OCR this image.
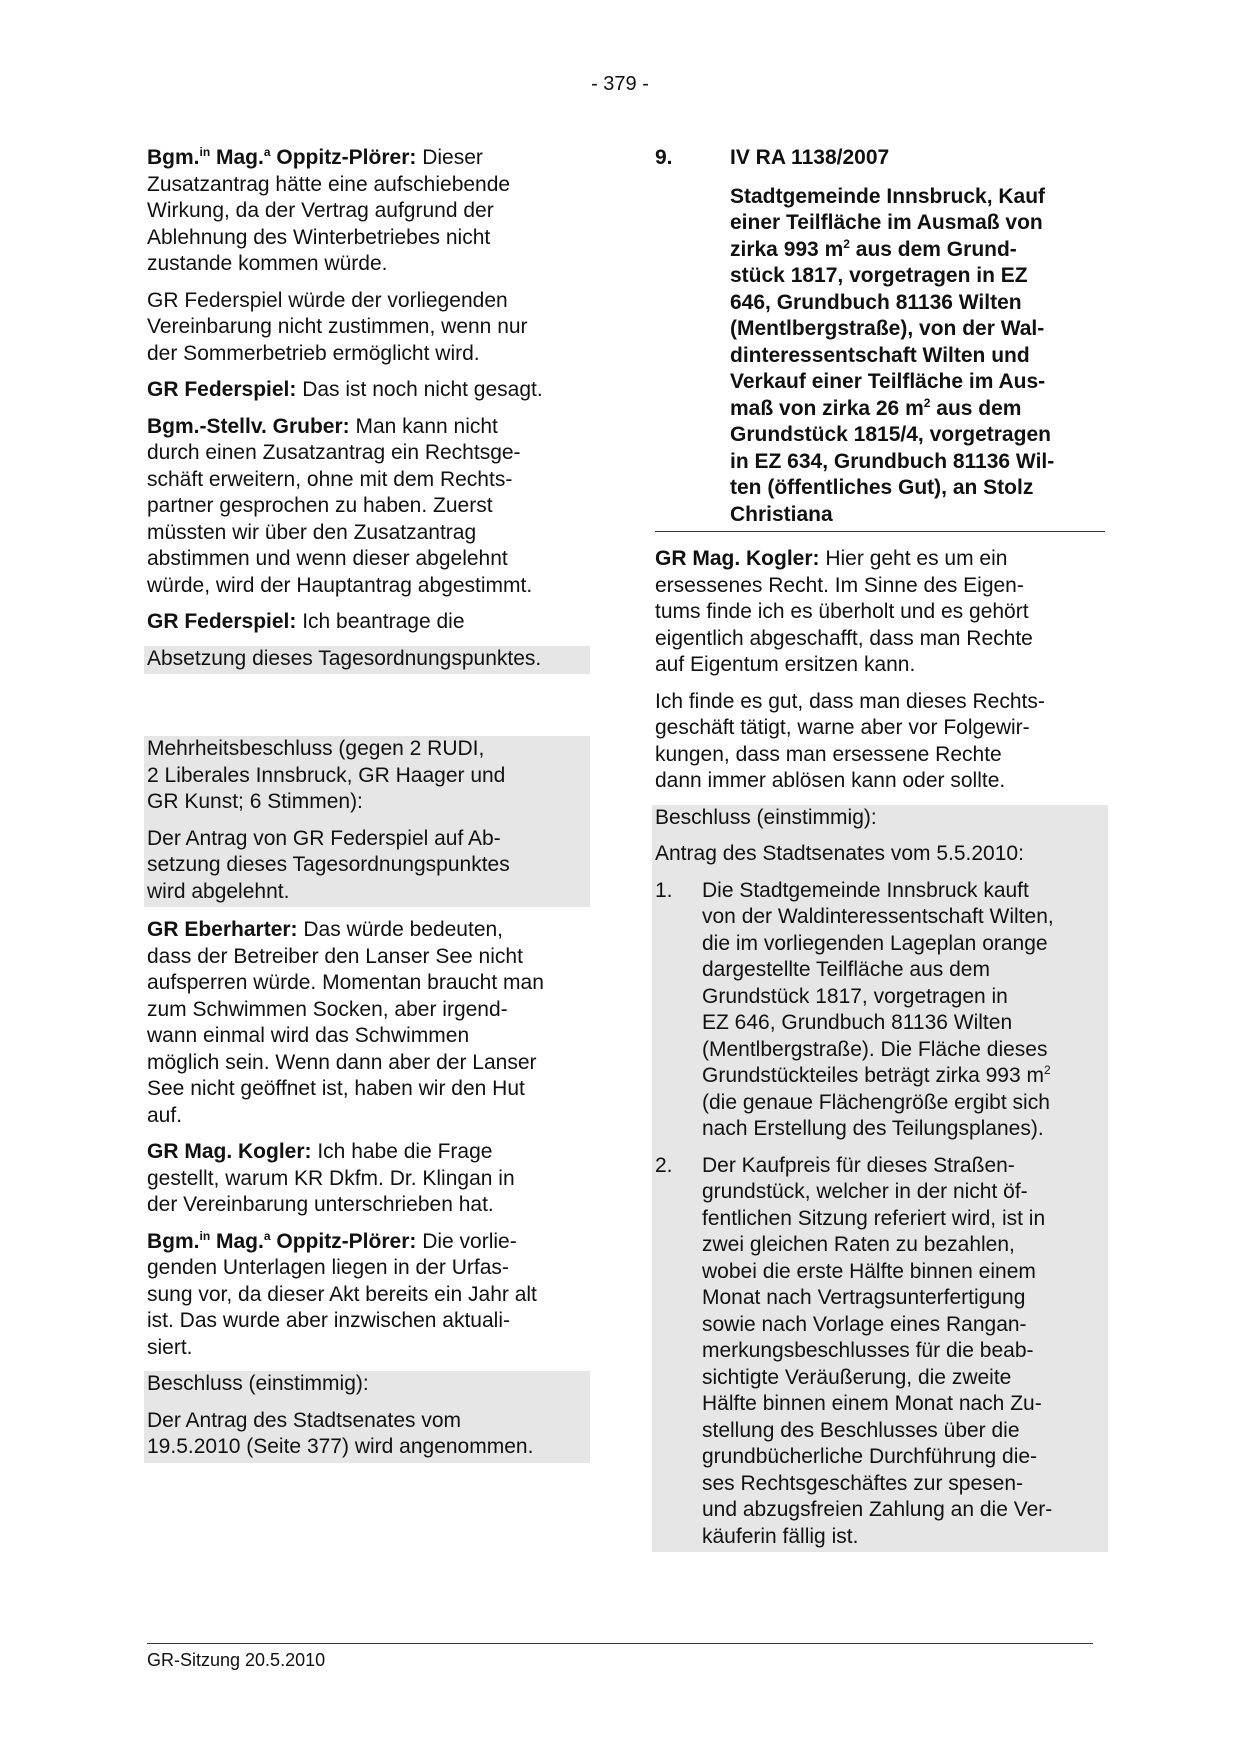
- 379 -

Bgm.$^{in}$ Mag.$^a$ Oppitz-Plörer: Dieser
Zusatzantrag hätte eine aufschiebende
Wirkung, da der Vertrag aufgrund der
Ablehnung des Winterbetriebes nicht
zustande kommen würde.

GR Federspiel würde der vorliegenden
Vereinbarung nicht zustimmen, wenn nur
der Sommerbetrieb ermöglicht wird.

GR Federspiel: Das ist noch nicht gesagt.

Bgm.-Stellv. Gruber: Man kann nicht
durch einen Zusatzantrag ein Rechtsge-
schäft erweitern, ohne mit dem Rechts-
partner gesprochen zu haben. Zuerst
müssten wir über den Zusatzantrag
abstimmen und wenn dieser abgelehnt
würde, wird der Hauptantrag abgestimmt.

GR Federspiel: Ich beantrage die

Absetzung dieses Tagesordnungspunktes.

Mehrheitsbeschluss (gegen 2 RUDI,
2 Liberales Innsbruck, GR Haager und
GR Kunst; 6 Stimmen):

Der Antrag von GR Federspiel auf Ab-
setzung dieses Tagesordnungspunktes
wird abgelehnt.

GR Eberharter: Das würde bedeuten,
dass der Betreiber den Lanser See nicht
aufsperren würde. Momentan braucht man
zum Schwimmen Socken, aber irgend-
wann einmal wird das Schwimmen
möglich sein. Wenn dann aber der Lanser
See nicht geöffnet ist, haben wir den Hut
auf.

GR Mag. Kogler: Ich habe die Frage
gestellt, warum KR Dkfm. Dr. Klingan in
der Vereinbarung unterschrieben hat.

Bgm.$^{in}$ Mag.$^a$ Oppitz-Plörer: Die vorlie-
genden Unterlagen liegen in der Urfas-
sung vor, da dieser Akt bereits ein Jahr alt
ist. Das wurde aber inzwischen aktuali-
siert.

Beschluss (einstimmig):

Der Antrag des Stadtsenates vom
19.5.2010 (Seite 377) wird angenommen.

9.	IV RA 1138/2007
Stadtgemeinde Innsbruck, Kauf
einer Teilfläche im Ausmaß von
zirka 993 $m^2$ aus dem Grund-
stück 1817, vorgetragen in EZ
646, Grundbuch 81136 Wilten
(Mentlbergstraße), von der Wal-
dinteressentschaft Wilten und
Verkauf einer Teilfläche im Aus-
maß von zirka 26 $m^2$ aus dem
Grundstück 1815/4, vorgetragen
in EZ 634, Grundbuch 81136 Wil-
ten (öffentliches Gut), an Stolz
Christiana

GR Mag. Kogler: Hier geht es um ein
ersessenes Recht. Im Sinne des Eigen-
tums finde ich es überholt und es gehört
eigentlich abgeschafft, dass man Rechte
auf Eigentum ersitzen kann.

Ich finde es gut, dass man dieses Rechts-
geschäft tätigt, warne aber vor Folgewir-
kungen, dass man ersessene Rechte
dann immer ablösen kann oder sollte.

Beschluss (einstimmig):

Antrag des Stadtsenates vom 5.5.2010:

1.	Die Stadtgemeinde Innsbruck kauft
von der Waldinteressentschaft Wilten,
die im vorliegenden Lageplan orange
dargestellte Teilfläche aus dem
Grundstück 1817, vorgetragen in
EZ 646, Grundbuch 81136 Wilten
(Mentlbergstraße). Die Fläche dieses
Grundstückteiles beträgt zirka 993 $m^2$
(die genaue Flächengröße ergibt sich
nach Erstellung des Teilungsplanes).
2.	Der Kaufpreis für dieses Straßen-
grundstück, welcher in der nicht öf-
fentlichen Sitzung referiert wird, ist in
zwei gleichen Raten zu bezahlen,
wobei die erste Hälfte binnen einem
Monat nach Vertragsunterfertigung
sowie nach Vorlage eines Rangan-
merkungsbeschlusses für die beab-
sichtigte Veräußerung, die zweite
Hälfte binnen einem Monat nach Zu-
stellung des Beschlusses über die
grundbücherliche Durchführung die-
ses Rechtsgeschäftes zur spesen-
und abzugsfreien Zahlung an die Ver-
käuferin fällig ist.
GR-Sitzung 20.5.2010
